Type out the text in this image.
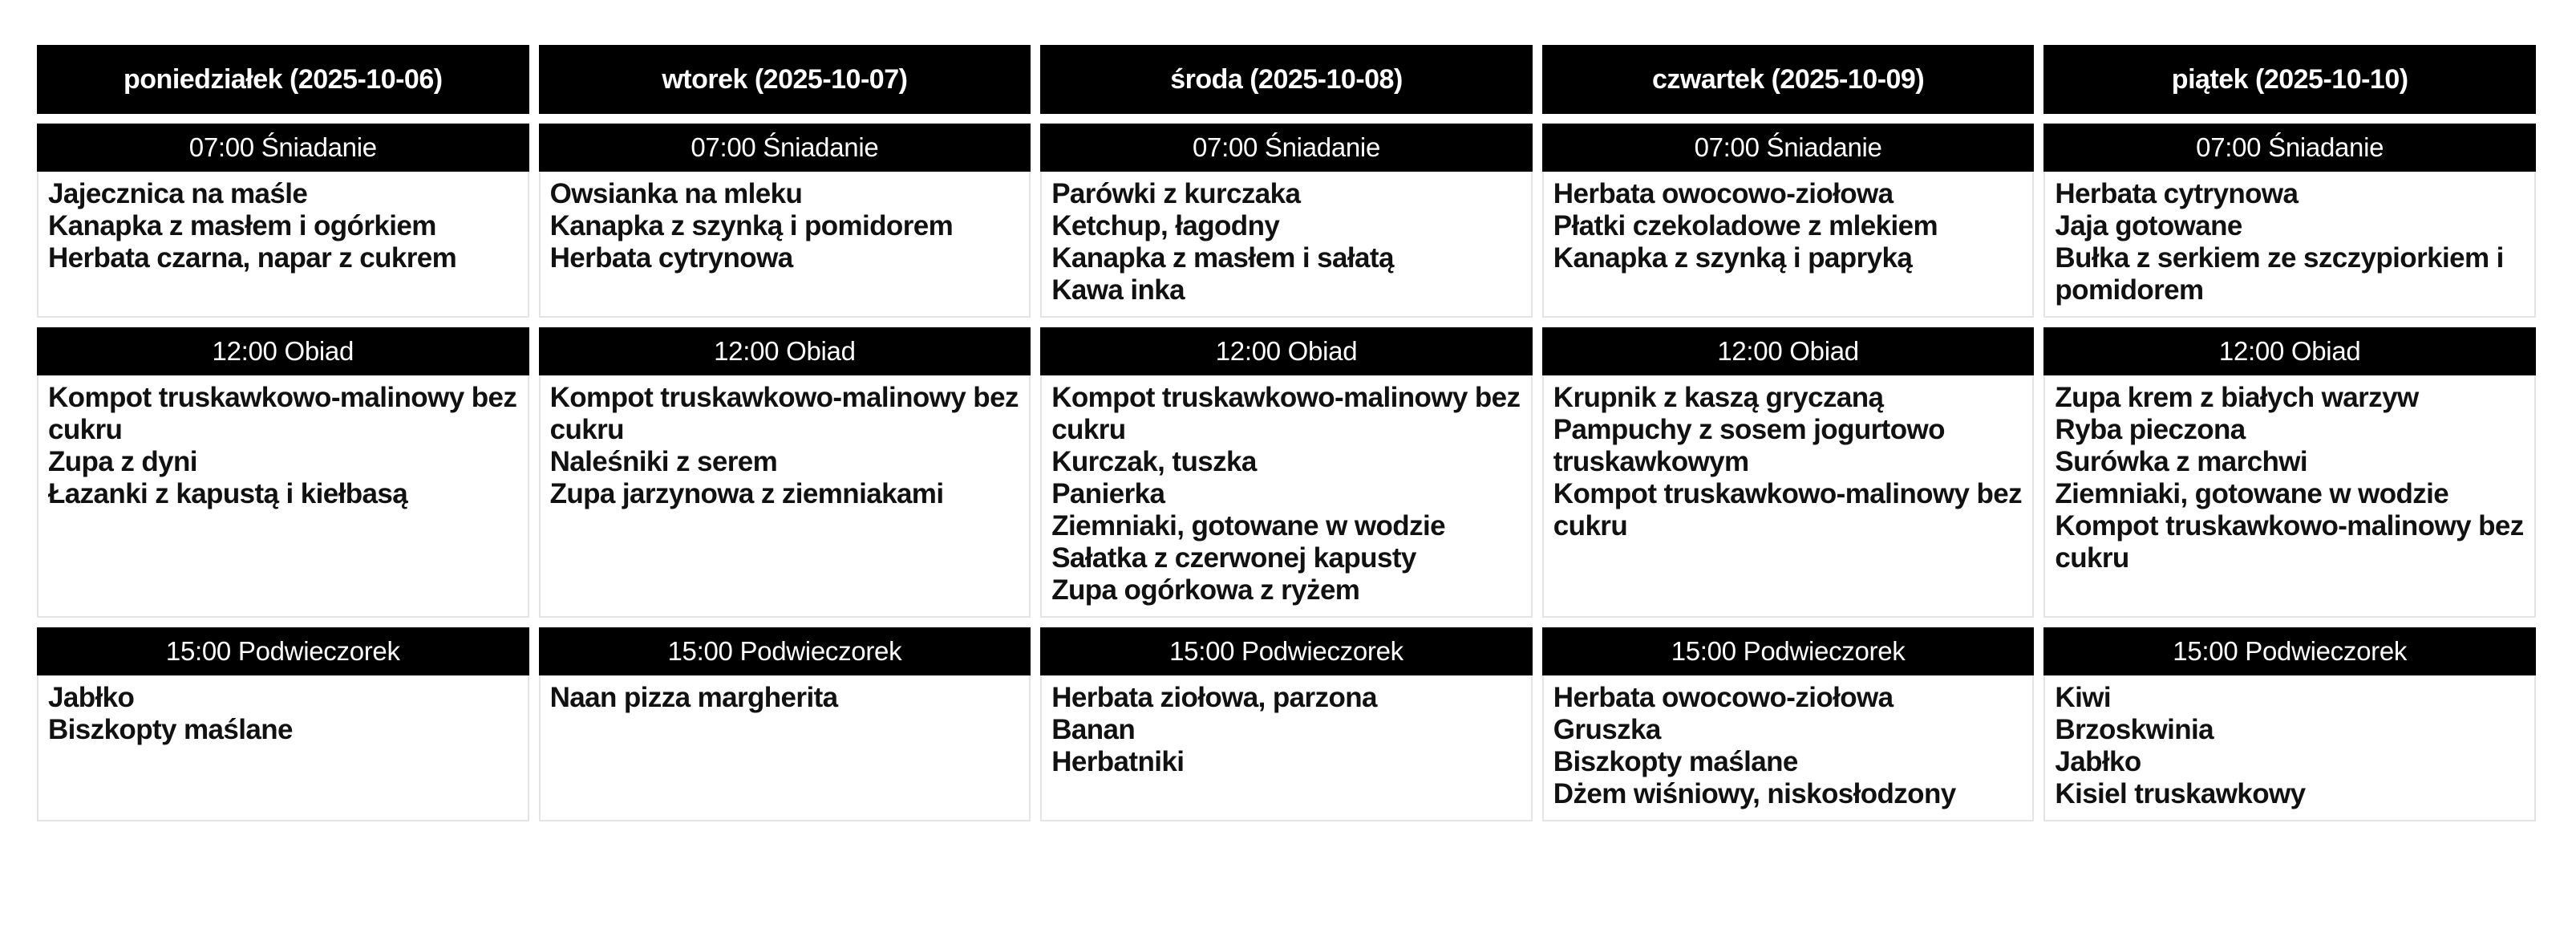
poniedziałek (2025-10-06)
07:00 Śniadanie
Jajecznica na maśle
Kanapka z masłem i ogórkiem
Herbata czarna, napar z cukrem
12:00 Obiad
Kompot truskawkowo-malinowy bez
cukru
Zupa z dyni
Łazanki z kapustą i kiełbasą
15:00 Podwieczorek
Jabłko
Biszkopty maślane
wtorek (2025-10-07)
07:00 Śniadanie
Owsianka na mleku
Kanapka z szynką i pomidorem
Herbata cytrynowa
12:00 Obiad
Kompot truskawkowo-malinowy bez
cukru
Naleśniki z serem
Zupa jarzynowa z ziemniakami
15:00 Podwieczorek
Naan pizza margherita
środa (2025-10-08)
07:00 Śniadanie
Parówki z kurczaka
Ketchup, łagodny
Kanapka z masłem i sałatą
Kawa inka
12:00 Obiad
Kompot truskawkowo-malinowy bez
cukru
Kurczak, tuszka
Panierka
Ziemniaki, gotowane w wodzie
Sałatka z czerwonej kapusty
Zupa ogórkowa z ryżem
15:00 Podwieczorek
Herbata ziołowa, parzona
Banan
Herbatniki
czwartek (2025-10-09)
07:00 Śniadanie
Herbata owocowo-ziołowa
Płatki czekoladowe z mlekiem
Kanapka z szynką i papryką
12:00 Obiad
Krupnik z kaszą gryczaną
Pampuchy z sosem jogurtowo
truskawkowym
Kompot truskawkowo-malinowy bez
cukru
15:00 Podwieczorek
Herbata owocowo-ziołowa
Gruszka
Biszkopty maślane
Dżem wiśniowy, niskosłodzony
piątek (2025-10-10)
07:00 Śniadanie
Herbata cytrynowa
Jaja gotowane
Bułka z serkiem ze szczypiorkiem i
pomidorem
12:00 Obiad
Zupa krem z białych warzyw
Ryba pieczona
Surówka z marchwi
Ziemniaki, gotowane w wodzie
Kompot truskawkowo-malinowy bez
cukru
15:00 Podwieczorek
Kiwi
Brzoskwinia
Jabłko
Kisiel truskawkowy
